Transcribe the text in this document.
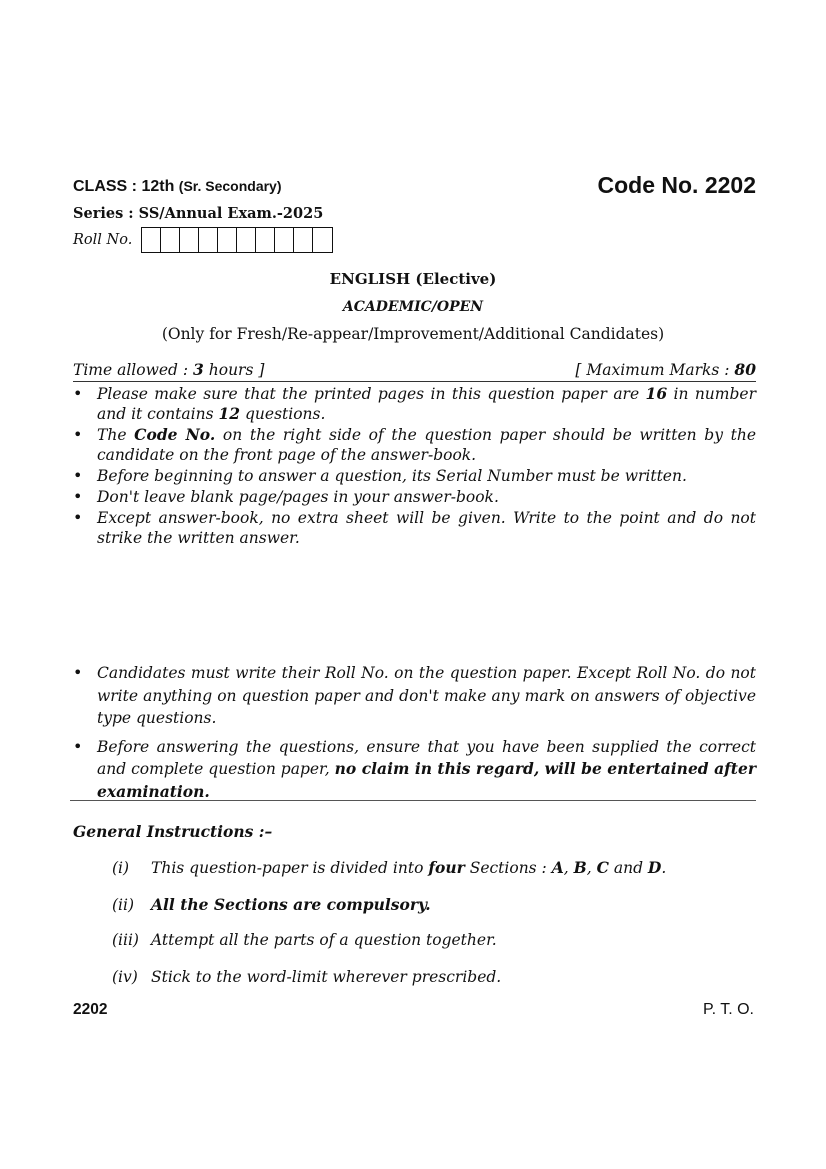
CLASS : 12th (Sr. Secondary)	Code No. 2202
Series : SS/Annual Exam.-2025
Roll No.
ENGLISH (Elective)
ACADEMIC/OPEN
(Only for Fresh/Re-appear/Improvement/Additional Candidates)
Time allowed : 3 hours ]	[ Maximum Marks : 80
• Please make sure that the printed pages in this question paper are 16 in number and it contains 12 questions.
• The Code No. on the right side of the question paper should be written by the candidate on the front page of the answer-book.
• Before beginning to answer a question, its Serial Number must be written.
• Don't leave blank page/pages in your answer-book.
• Except answer-book, no extra sheet will be given. Write to the point and do not strike the written answer.
• Candidates must write their Roll No. on the question paper. Except Roll No. do not write anything on question paper and don't make any mark on answers of objective type questions.
• Before answering the questions, ensure that you have been supplied the correct and complete question paper, no claim in this regard, will be entertained after examination.
General Instructions :–
(i) This question-paper is divided into four Sections : A, B, C and D.
(ii) All the Sections are compulsory.
(iii) Attempt all the parts of a question together.
(iv) Stick to the word-limit wherever prescribed.
2202	P. T. O.
